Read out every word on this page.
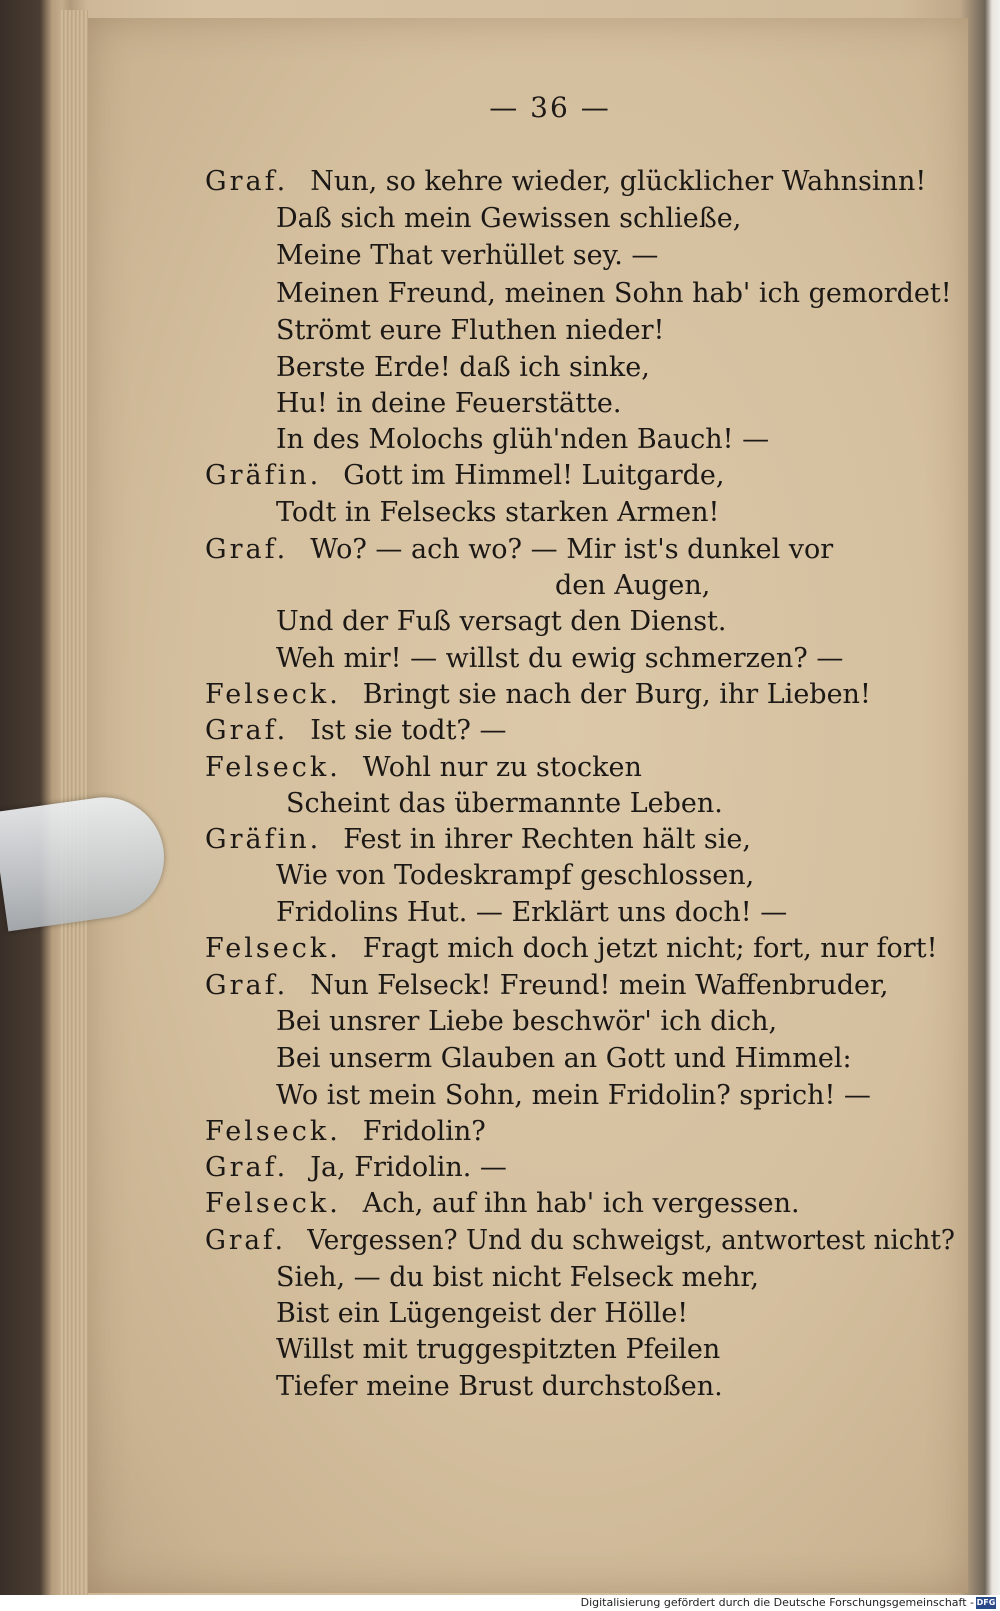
— 36 —
Graf. Nun, so kehre wieder, glücklicher Wahnsinn!
Daß sich mein Gewissen schließe,
Meine That verhüllet sey. —
Meinen Freund, meinen Sohn hab' ich gemordet!
Strömt eure Fluthen nieder!
Berste Erde! daß ich sinke,
Hu! in deine Feuerstätte.
In des Molochs glüh'nden Bauch! —
Gräfin. Gott im Himmel! Luitgarde,
Todt in Felsecks starken Armen!
Graf. Wo? — ach wo? — Mir ist's dunkel vor
den Augen,
Und der Fuß versagt den Dienst.
Weh mir! — willst du ewig schmerzen? —
Felseck. Bringt sie nach der Burg, ihr Lieben!
Graf. Ist sie todt? —
Felseck. Wohl nur zu stocken
Scheint das übermannte Leben.
Gräfin. Fest in ihrer Rechten hält sie,
Wie von Todeskrampf geschlossen,
Fridolins Hut. — Erklärt uns doch! —
Felseck. Fragt mich doch jetzt nicht; fort, nur fort!
Graf. Nun Felseck! Freund! mein Waffenbruder,
Bei unsrer Liebe beschwör' ich dich,
Bei unserm Glauben an Gott und Himmel:
Wo ist mein Sohn, mein Fridolin? sprich! —
Felseck. Fridolin?
Graf. Ja, Fridolin. —
Felseck. Ach, auf ihn hab' ich vergessen.
Graf. Vergessen? Und du schweigst, antwortest nicht?
Sieh, — du bist nicht Felseck mehr,
Bist ein Lügengeist der Hölle!
Willst mit truggespitzten Pfeilen
Tiefer meine Brust durchstoßen.
Digitalisierung gefördert durch die Deutsche Forschungsgemeinschaft - DFG
